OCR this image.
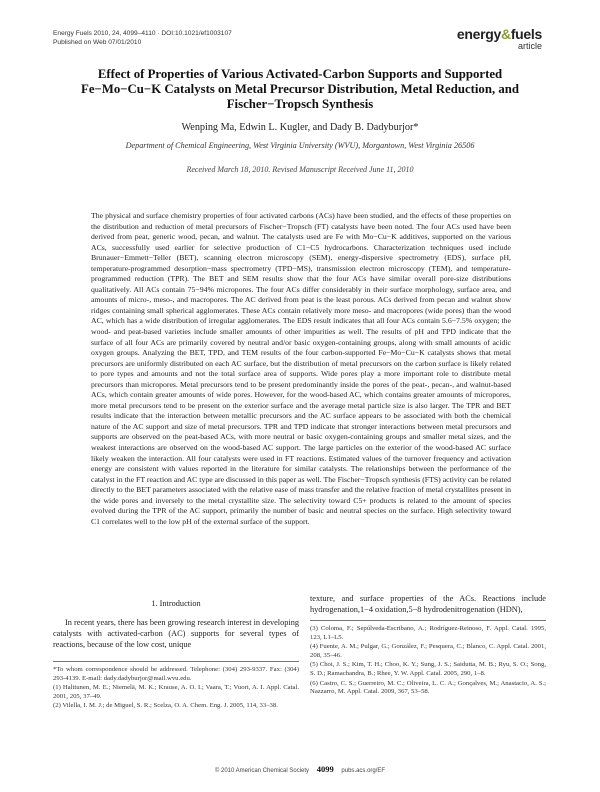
Energy Fuels 2010, 24, 4099–4110 · DOI:10.1021/ef1003107
Published on Web 07/01/2010
energy&fuels
article
Effect of Properties of Various Activated-Carbon Supports and Supported Fe−Mo−Cu−K Catalysts on Metal Precursor Distribution, Metal Reduction, and Fischer−Tropsch Synthesis
Wenping Ma, Edwin L. Kugler, and Dady B. Dadyburjor*
Department of Chemical Engineering, West Virginia University (WVU), Morgantown, West Virginia 26506
Received March 18, 2010. Revised Manuscript Received June 11, 2010
The physical and surface chemistry properties of four activated carbons (ACs) have been studied, and the effects of these properties on the distribution and reduction of metal precursors of Fischer−Tropsch (FT) catalysts have been noted. The four ACs used have been derived from peat, generic wood, pecan, and walnut. The catalysts used are Fe with Mo−Cu−K additives, supported on the various ACs, successfully used earlier for selective production of C1−C5 hydrocarbons. Characterization techniques used include Brunauer−Emmett−Teller (BET), scanning electron microscopy (SEM), energy-dispersive spectrometry (EDS), surface pH, temperature-programmed desorption−mass spectrometry (TPD−MS), transmission electron microscopy (TEM), and temperature-programmed reduction (TPR). The BET and SEM results show that the four ACs have similar overall pore-size distributions qualitatively. All ACs contain 75−94% micropores. The four ACs differ considerably in their surface morphology, surface area, and amounts of micro-, meso-, and macropores. The AC derived from peat is the least porous. ACs derived from pecan and walnut show ridges containing small spherical agglomerates. These ACs contain relatively more meso- and macropores (wide pores) than the wood AC, which has a wide distribution of irregular agglomerates. The EDS result indicates that all four ACs contain 5.6−7.5% oxygen; the wood- and peat-based varieties include smaller amounts of other impurities as well. The results of pH and TPD indicate that the surface of all four ACs are primarily covered by neutral and/or basic oxygen-containing groups, along with small amounts of acidic oxygen groups. Analyzing the BET, TPD, and TEM results of the four carbon-supported Fe−Mo−Cu−K catalysts shows that metal precursors are uniformly distributed on each AC surface, but the distribution of metal precursors on the carbon surface is likely related to pore types and amounts and not the total surface area of supports. Wide pores play a more important role to distribute metal precursors than micropores. Metal precursors tend to be present predominantly inside the pores of the peat-, pecan-, and walnut-based ACs, which contain greater amounts of wide pores. However, for the wood-based AC, which contains greater amounts of micropores, more metal precursors tend to be present on the exterior surface and the average metal particle size is also larger. The TPR and BET results indicate that the interaction between metallic precursors and the AC surface appears to be associated with both the chemical nature of the AC support and size of metal precursors. TPR and TPD indicate that stronger interactions between metal precursors and supports are observed on the peat-based ACs, with more neutral or basic oxygen-containing groups and smaller metal sizes, and the weakest interactions are observed on the wood-based AC support. The large particles on the exterior of the wood-based AC surface likely weaken the interaction. All four catalysts were used in FT reactions. Estimated values of the turnover frequency and activation energy are consistent with values reported in the literature for similar catalysts. The relationships between the performance of the catalyst in the FT reaction and AC type are discussed in this paper as well. The Fischer−Tropsch synthesis (FTS) activity can be related directly to the BET parameters associated with the relative ease of mass transfer and the relative fraction of metal crystallites present in the wide pores and inversely to the metal crystallite size. The selectivity toward C5+ products is related to the amount of species evolved during the TPR of the AC support, primarily the number of basic and neutral species on the surface. High selectivity toward C1 correlates well to the low pH of the external surface of the support.
1. Introduction

In recent years, there has been growing research interest in developing catalysts with activated-carbon (AC) supports for several types of reactions, because of the low cost, unique

*To whom correspondence should be addressed. Telephone: (304) 293-9337. Fax: (304) 293-4139. E-mail: dady.dadyburjor@mail.wvu.edu.

(1) Halttunen, M. E.; Niemelä, M. K.; Krause, A. O. I.; Vaara, T.; Vuori, A. I. Appl. Catal. 2001, 205, 37–49.

(2) Vilella, I. M. J.; de Miguel, S. R.; Scelza, O. A. Chem. Eng. J. 2005, 114, 33–38.

texture, and surface properties of the ACs. Reactions include hydrogenation,1−4 oxidation,5−8 hydrodenitrogenation (HDN),

(3) Coloma, F.; Sepúlveda-Escribano, A.; Rodríguez-Reinoso, F. Appl. Catal. 1995, 123, L1–L5.

(4) Fuente, A. M.; Pulgar, G.; González, F.; Pesquera, C.; Blanco, C. Appl. Catal. 2001, 208, 35–46.

(5) Choi, J. S.; Kim, T. H.; Choo, K. Y.; Sung, J. S.; Saidutta, M. B.; Ryu, S. O.; Song, S. D.; Ramachandra, B.; Rhee, Y. W. Appl. Catal. 2005, 290, 1–8.

(6) Castro, C. S.; Guerreiro, M. C.; Oliveira, L. C. A.; Gonçalves, M.; Anastacio, A. S.; Nazzarro, M. Appl. Catal. 2009, 367, 53–58.

© 2010 American Chemical Society 4099 pubs.acs.org/EF
